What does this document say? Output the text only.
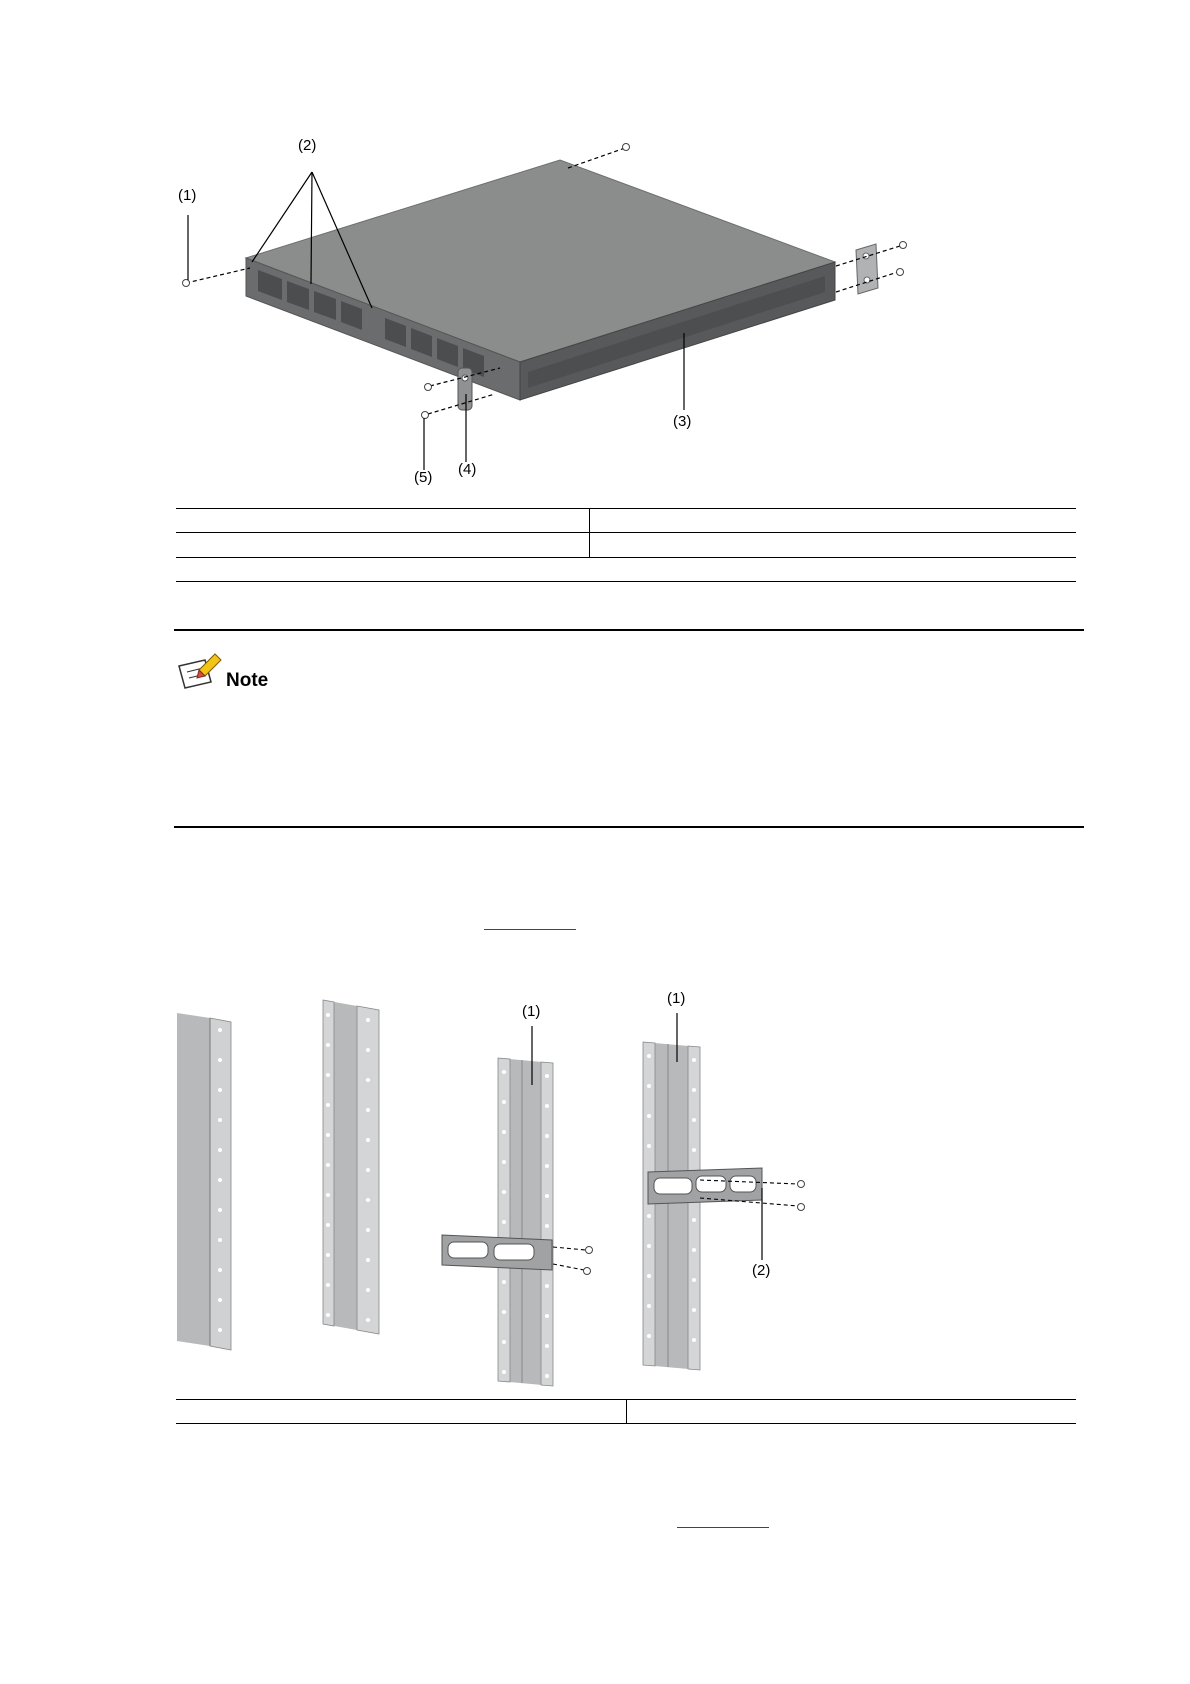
(1)
(2)
(3)
(4)
(5)
Note
(1)
(1)
(2)
